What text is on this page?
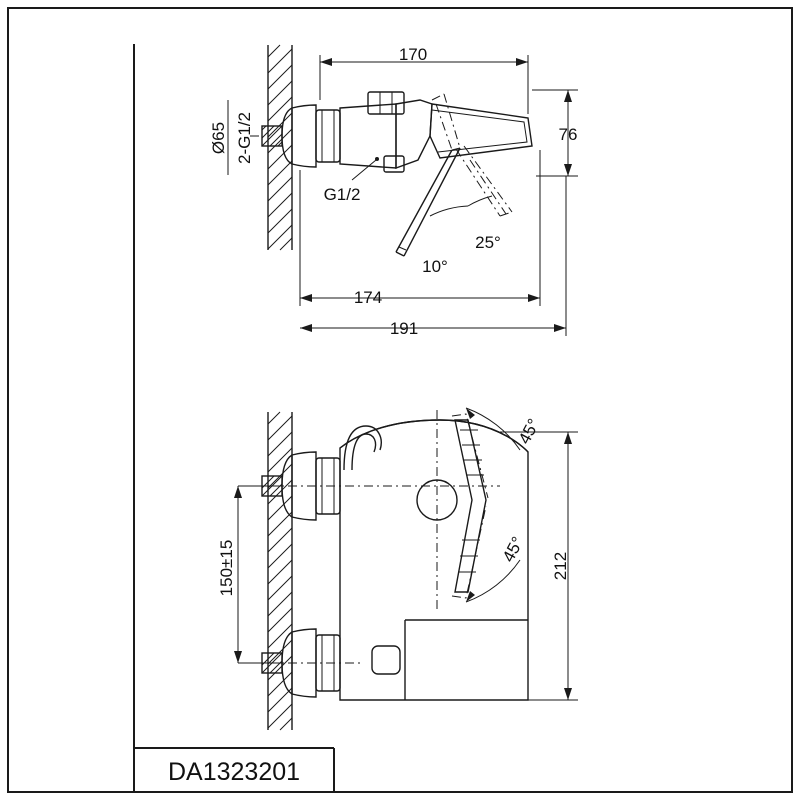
170
76
174
191
Ø65 2-G1/2
G1/2
10°
25°
150±15	212
45°
45°
DA1323201
